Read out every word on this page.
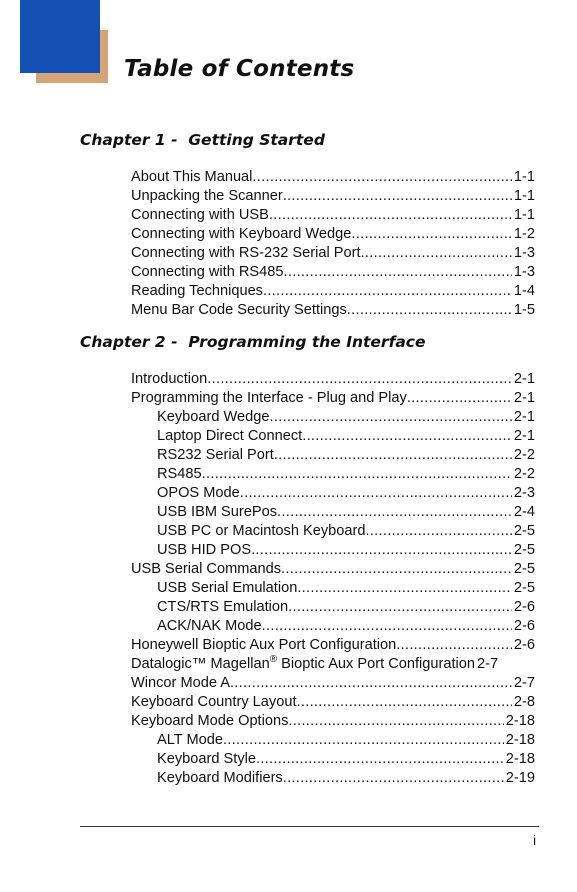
Table of Contents
Chapter 1 -  Getting Started
About This Manual .....	1-1
Unpacking the Scanner .....	1-1
Connecting with USB .....	1-1
Connecting with Keyboard Wedge .....	1-2
Connecting with RS-232 Serial Port .....	1-3
Connecting with RS485 .....	1-3
Reading Techniques .....	1-4
Menu Bar Code Security Settings .....	1-5
Chapter 2 -  Programming the Interface
Introduction .....	2-1
Programming the Interface - Plug and Play .....	2-1
Keyboard Wedge .....	2-1
Laptop Direct Connect .....	2-1
RS232 Serial Port .....	2-2
RS485 .....	2-2
OPOS Mode .....	2-3
USB IBM SurePos .....	2-4
USB PC or Macintosh Keyboard .....	2-5
USB HID POS .....	2-5
USB Serial Commands .....	2-5
USB Serial Emulation .....	2-5
CTS/RTS Emulation .....	2-6
ACK/NAK Mode .....	2-6
Honeywell Bioptic Aux Port Configuration .....	2-6
Datalogic™ Magellan® Bioptic Aux Port Configuration 2-7
Wincor Mode A .....	2-7
Keyboard Country Layout .....	2-8
Keyboard Mode Options .....	2-18
ALT Mode .....	2-18
Keyboard Style .....	2-18
Keyboard Modifiers .....	2-19
i
